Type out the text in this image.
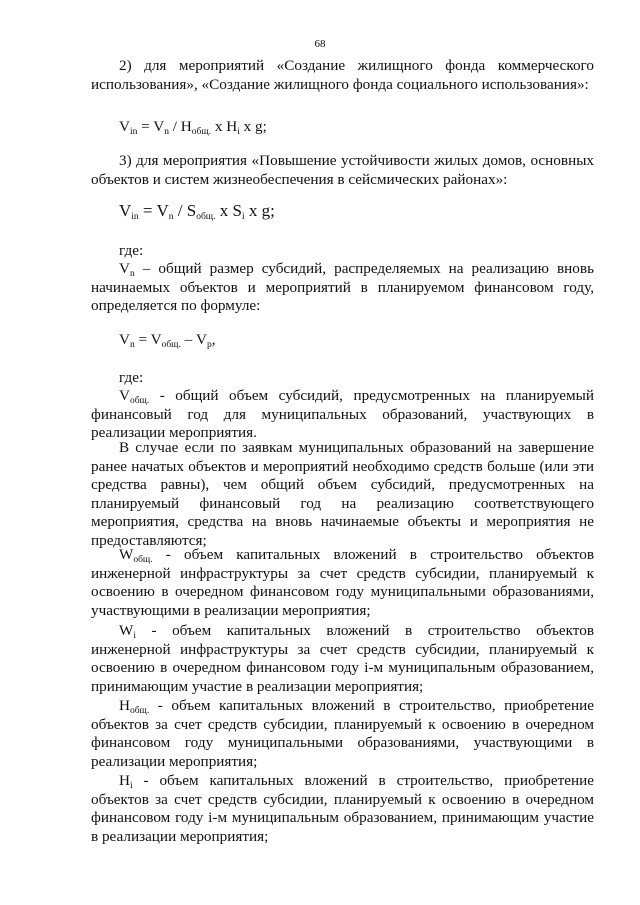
68

2) для мероприятий «Создание жилищного фонда коммерческого использования», «Создание жилищного фонда социального использования»:

$V_{in} = V_n / H_{общ.}$ x $H_i$ x g;

3) для мероприятия «Повышение устойчивости жилых домов, основных объектов и систем жизнеобеспечения в сейсмических районах»:

$V_{in} = V_n / S_{общ.}$ x $S_i$ x g;
где:

$V_n$ – общий размер субсидий, распределяемых на реализацию вновь начинаемых объектов и мероприятий в планируемом финансовом году, определяется по формуле:

$V_n = V_{общ.} - V_p$,
где:

$V_{общ.}$ - общий объем субсидий, предусмотренных на планируемый финансовый год для муниципальных образований, участвующих в реализации мероприятия.

В случае если по заявкам муниципальных образований на завершение ранее начатых объектов и мероприятий необходимо средств больше (или эти средства равны), чем общий объем субсидий, предусмотренных на планируемый финансовый год на реализацию соответствующего мероприятия, средства на вновь начинаемые объекты и мероприятия не предоставляются;

$W_{общ.}$ - объем капитальных вложений в строительство объектов инженерной инфраструктуры за счет средств субсидии, планируемый к освоению в очередном финансовом году муниципальными образованиями, участвующими в реализации мероприятия;

$W_i$ - объем капитальных вложений в строительство объектов инженерной инфраструктуры за счет средств субсидии, планируемый к освоению в очередном финансовом году i-м муниципальным образованием, принимающим участие в реализации мероприятия;

$H_{общ.}$ - объем капитальных вложений в строительство, приобретение объектов за счет средств субсидии, планируемый к освоению в очередном финансовом году муниципальными образованиями, участвующими в реализации мероприятия;

$H_i$ - объем капитальных вложений в строительство, приобретение объектов за счет средств субсидии, планируемый к освоению в очередном финансовом году i-м муниципальным образованием, принимающим участие в реализации мероприятия;
